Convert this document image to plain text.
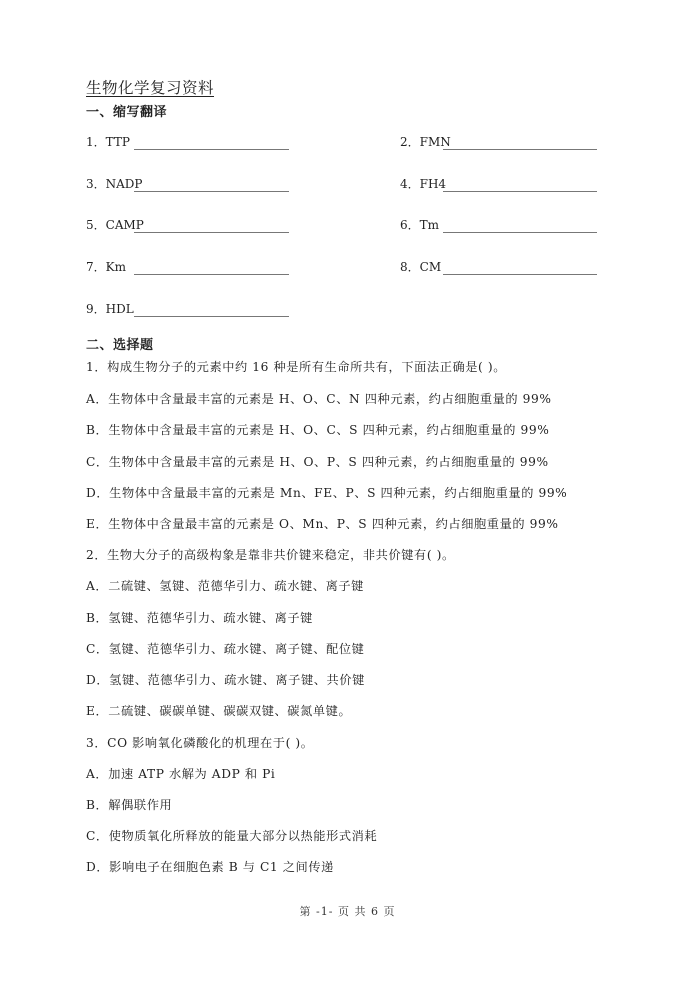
生物化学复习资料
一、缩写翻译
1．TTP	2．FMN
3．NADP	4．FH4
5．CAMP	6．Tm
7．Km	8．CM
9．HDL
二、选择题
1．构成生物分子的元素中约 16 种是所有生命所共有，下面法正确是( )。
A．生物体中含量最丰富的元素是 H、O、C、N 四种元素，约占细胞重量的 99%
B．生物体中含量最丰富的元素是 H、O、C、S 四种元素，约占细胞重量的 99%
C．生物体中含量最丰富的元素是 H、O、P、S 四种元素，约占细胞重量的 99%
D．生物体中含量最丰富的元素是 Mn、FE、P、S 四种元素，约占细胞重量的 99%
E．生物体中含量最丰富的元素是 O、Mn、P、S 四种元素，约占细胞重量的 99%
2．生物大分子的高级构象是靠非共价键来稳定，非共价键有( )。
A．二硫键、氢键、范德华引力、疏水键、离子键
B．氢键、范德华引力、疏水键、离子键
C．氢键、范德华引力、疏水键、离子键、配位键
D．氢键、范德华引力、疏水键、离子键、共价键
E．二硫键、碳碳单键、碳碳双键、碳氮单键。
3．CO 影响氧化磷酸化的机理在于( )。
A．加速 ATP 水解为 ADP 和 Pi
B．解偶联作用
C．使物质氧化所释放的能量大部分以热能形式消耗
D．影响电子在细胞色素 B 与 C1 之间传递
第 -1- 页 共 6 页
